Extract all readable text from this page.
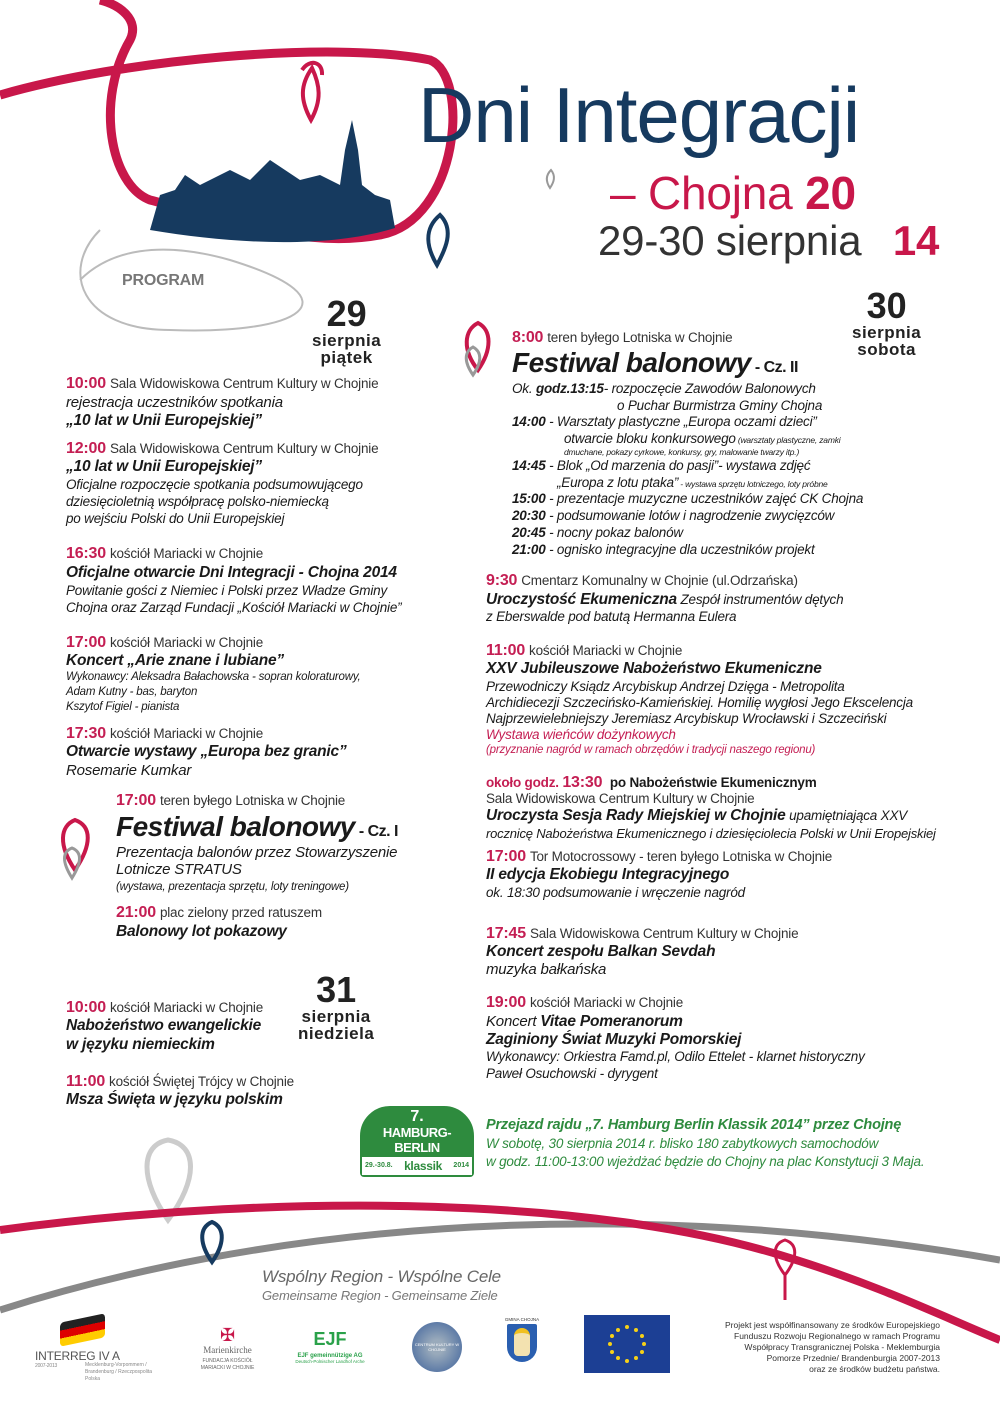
Dni Integracji
– Chojna 20
29-30 sierpnia 14
PROGRAM
29
sierpnia
piątek
30
sierpnia
sobota
31
sierpnia
niedziela
10:00 Sala Widowiskowa Centrum Kultury w Chojnie
rejestracja uczestników spotkania
„10 lat w Unii Europejskiej”
12:00 Sala Widowiskowa Centrum Kultury w Chojnie
„10 lat w Unii Europejskiej”
Oficjalne rozpoczęcie spotkania podsumowującego
dziesięcioletnią współpracę polsko-niemiecką
po wejściu Polski do Unii Europejskiej
16:30 kościół Mariacki w Chojnie
Oficjalne otwarcie Dni Integracji - Chojna 2014
Powitanie gości z Niemiec i Polski przez Władze Gminy
Chojna oraz Zarząd Fundacji „Kościół Mariacki w Chojnie”
17:00 kościół Mariacki w Chojnie
Koncert „Arie znane i lubiane”
Wykonawcy: Aleksadra Bałachowska - sopran koloraturowy,
Adam Kutny - bas, baryton
Kszytof Figiel - pianista
17:30 kościół Mariacki w Chojnie
Otwarcie wystawy „Europa bez granic”
Rosemarie Kumkar
17:00 teren byłego Lotniska w Chojnie
Festiwal balonowy - Cz. I
Prezentacja balonów przez Stowarzyszenie
Lotnicze STRATUS
(wystawa, prezentacja sprzętu, loty treningowe)
21:00 plac zielony przed ratuszem
Balonowy lot pokazowy
10:00 kościół Mariacki w Chojnie
Nabożeństwo ewangelickie
w języku niemieckim
11:00 kościół Świętej Trójcy w Chojnie
Msza Święta w języku polskim
8:00 teren byłego Lotniska w Chojnie
Festiwal balonowy - Cz. II
Ok. godz.13:15- rozpoczęcie Zawodów Balonowych
o Puchar Burmistrza Gminy Chojna
14:00 - Warsztaty plastyczne „Europa oczami dzieci”
otwarcie bloku konkursowego (warsztaty plastyczne, zamki
dmuchane, pokazy cyrkowe, konkursy, gry, malowanie twarzy itp.)
14:45 - Blok „Od marzenia do pasji”- wystawa zdjęć
„Europa z lotu ptaka” - wystawa sprzętu lotniczego, loty próbne
15:00 - prezentacje muzyczne uczestników zajęć CK Chojna
20:30 - podsumowanie lotów i nagrodzenie zwycięzców
20:45 - nocny pokaz balonów
21:00 - ognisko integracyjne dla uczestników projekt
9:30 Cmentarz Komunalny w Chojnie (ul.Odrzańska)
Uroczystość Ekumeniczna Zespół instrumentów dętych
z Eberswalde pod batutą Hermanna Eulera
11:00 kościół Mariacki w Chojnie
XXV Jubileuszowe Nabożeństwo Ekumeniczne
Przewodniczy Ksiądz Arcybiskup Andrzej Dzięga - Metropolita
Archidiecezji Szczecińsko-Kamieńskiej. Homilię wygłosi Jego Ekscelencja
Najprzewielebniejszy Jeremiasz Arcybiskup Wrocławski i Szczeciński
Wystawa wieńców dożynkowych
(przyznanie nagród w ramach obrzędów i tradycji naszego regionu)
około godz. 13:30 po Nabożeństwie Ekumenicznym
Sala Widowiskowa Centrum Kultury w Chojnie
Uroczysta Sesja Rady Miejskiej w Chojnie upamiętniająca XXV
rocznicę Nabożeństwa Ekumenicznego i dziesięciolecia Polski w Unii Eropejskiej
17:00 Tor Motocrossowy - teren byłego Lotniska w Chojnie
II edycja Ekobiegu Integracyjnego
ok. 18:30 podsumowanie i wręczenie nagród
17:45 Sala Widowiskowa Centrum Kultury w Chojnie
Koncert zespołu Balkan Sevdah
muzyka bałkańska
19:00 kościół Mariacki w Chojnie
Koncert Vitae Pomeranorum
Zaginiony Świat Muzyki Pomorskiej
Wykonawcy: Orkiestra Famd.pl, Odilo Ettelet - klarnet historyczny
Paweł Osuchowski - dyrygent
7.
HAMBURG-BERLIN
29.-30.8. klassik 2014
Przejazd rajdu „7. Hamburg Berlin Klassik 2014” przez Chojnę
W sobotę, 30 sierpnia 2014 r. blisko 180 zabytkowych samochodów
w godz. 11:00-13:00 wjeżdżać będzie do Chojny na plac Konstytucji 3 Maja.
Wspólny Region - Wspólne Cele
Gemeinsame Region - Gemeinsame Ziele
INTERREG IV A
2007-2013	Mecklenburg-Vorpommern / Brandenburg / Rzeczpospolita Polska
✠
Marienkirche
FUNDACJA KOŚCIÓŁ MARIACKI W CHOJNIE
EJF
EJF gemeinnützige AG
Deutsch-Polnischer Landhof Arche
CENTRUM KULTURY W CHOJNIE
GMINA CHOJNA
Projekt jest współfinansowany ze środków Europejskiego
Funduszu Rozwoju Regionalnego w ramach Programu
Współpracy Transgranicznej Polska - Meklemburgia
Pomorze Przednie/ Brandenburgia 2007-2013
oraz ze środków budżetu państwa.
